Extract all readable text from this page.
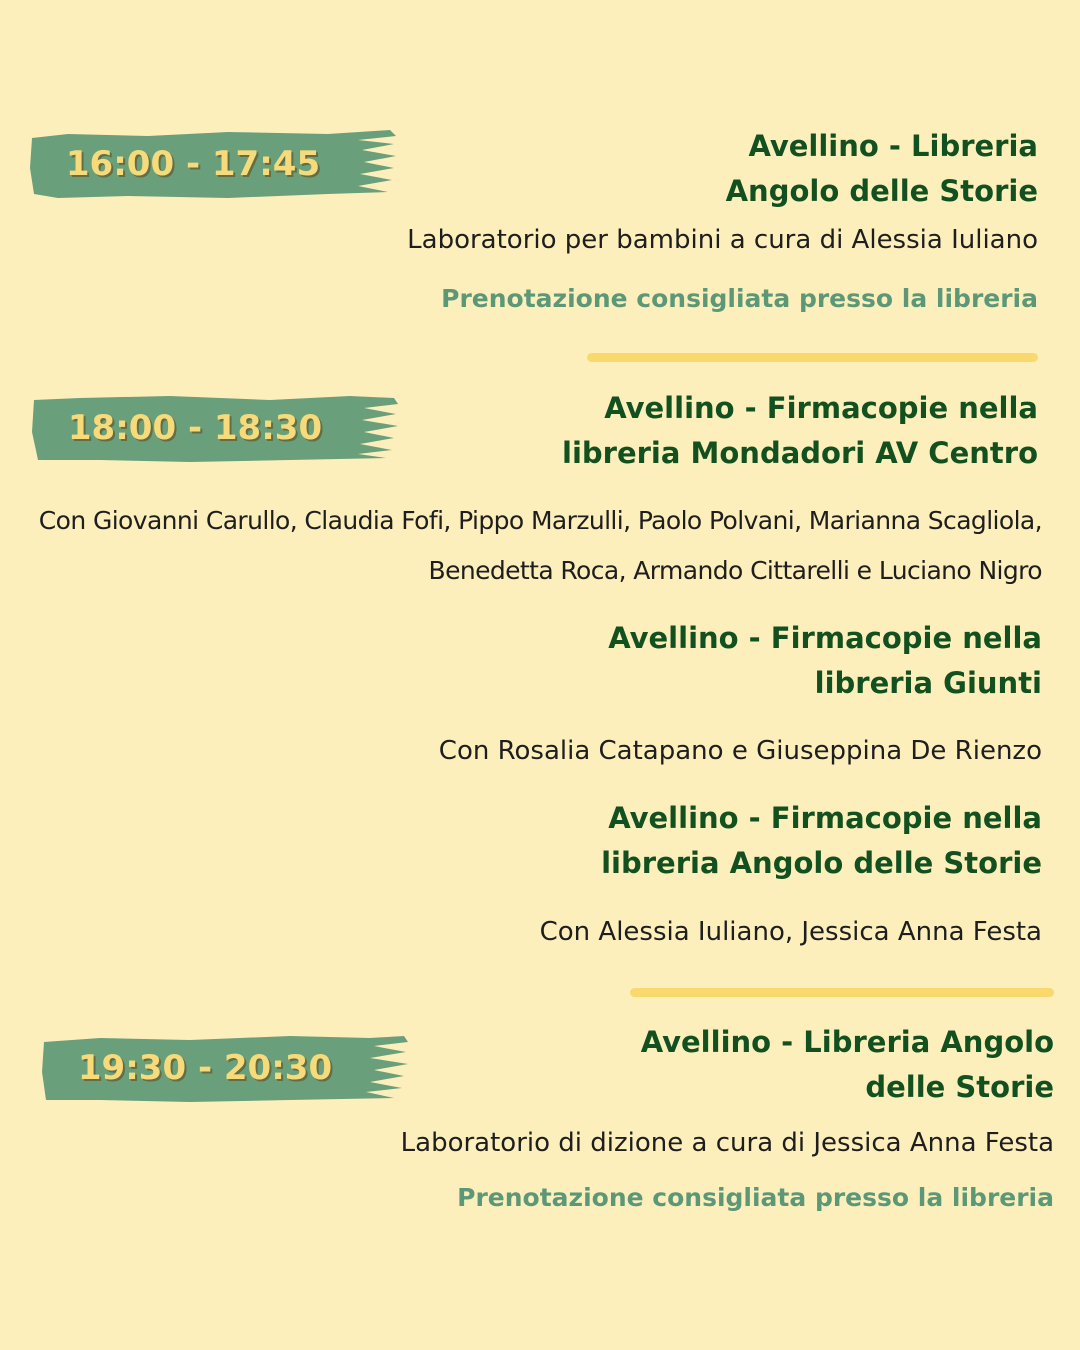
16:00 - 17:45	Avellino - Libreria
Angolo delle Storie
Laboratorio per bambini a cura di Alessia Iuliano
Prenotazione consigliata presso la libreria
18:00 - 18:30	Avellino - Firmacopie nella
libreria Mondadori AV Centro
Con Giovanni Carullo, Claudia Fofi, Pippo Marzulli, Paolo Polvani, Marianna Scagliola,
Benedetta Roca, Armando Cittarelli e Luciano Nigro
Avellino - Firmacopie nella
libreria Giunti
Con Rosalia Catapano e Giuseppina De Rienzo
Avellino - Firmacopie nella
libreria Angolo delle Storie
Con Alessia Iuliano, Jessica Anna Festa
19:30 - 20:30
Avellino - Libreria Angolo
delle Storie
Laboratorio di dizione a cura di Jessica Anna Festa
Prenotazione consigliata presso la libreria
